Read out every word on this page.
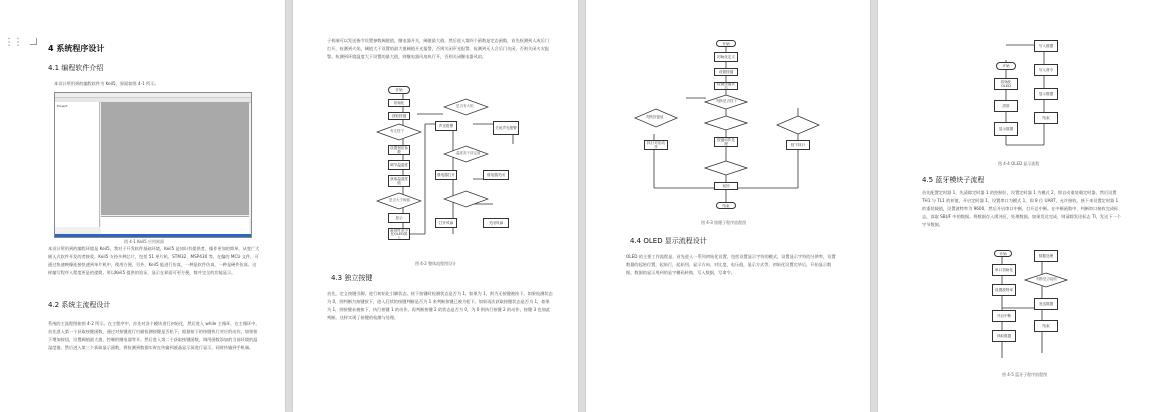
⋮⋮
4 系统程序设计
4.1 编程软件介绍
本设计所用到的编程软件为 Keil5，界面如图 4-1 所示。
Project
图 4-1 Keil5 应用界面
本设计所用到的编程环境是 Keil5，我对于开发软件基础环境，Keil5 是知识有提供者，操作更加的简单，从变广大嵌入式软件开发的者接爱。Keil5 支持多种芯片，包括 51 单片机、STM32、MSP430 等，在编的 MCU 文件，可通过快速映像连接快速到单片机中，使用方便。另外，Keil5 能进行仿真，一种是软件仿真，一种是硬件仿真。这样编写程序入程度更是的提简，所以Keil5 提供的验证，显示在界面可更方便，简并完全的功能显示。
4.2 系统主流程设计
系统的主流程图如图 4-2 所示。在主程序中，首先对各个模块进行初始化，然后进入 while 主循环，在主循环中，首先进入第一个获取按键函数，通过对按键进行扫描检测按键是否松下，根据按下的按键执行对应的动作，如果按下增加按钮，设置阈值最大值，控制的继电器等开。然后进入第二个获取按键函数，调用函数添加的当前环境的温湿度值。然后进入第三个获取显示函数，将检测到数据实时在传输到液晶显示屏进行显示，同时传输到手机端。
子机端可以发送指令设置参数阈值值，继电器开关，阈值最大值。然后进入第四个函数是定态函数，首先检测到人成后门打开，检测到火焰，阈值大于设置的最大值阈值开光报警，否则关闭声光报警。检测到无人合后门关闭，否则关闭火灾报警。检测到环境温度大于设置的最大值，则继电器风扇执行开，否则关闭继电器风扇。
开始
初始化
获取按键
有无按下
设置相应参数
调节温湿度
获取温湿度值
是否大于阈值
显示
温湿度显示在OLED屏上
声光报警
是否有火焰
关闭声光报警
温度高于设定值
继电器打开	继电器关闭
打开风扇	关闭风扇
图 4-2 整体流程图设计
4.3 独立按键
首先，定义按键引脚，进行初始化引脚状态。按下按键时检测状态是否为 1，如果为 1，则为无按键被按下。如果检测状态为 0，则判断为按键按下，进入后续的按键判断是否为 1 来判断按键已被为松下。如果再次获取按键状态是否为 1，如果为 1，则按键未被按下，执行按键 1 的动作。再判断按键 2 的状态是否为 0，为 0 则执行按键 2 的动作，按键 3 也如此判断。这样实现了按键的检测与处理。
开始
初始化定义
设置按键
检测按键状态
判断是否按下
判断按键值
执行对应动作
按键动作处理	按下执行
返回
结束
图 4-3 按键子程序流程图
4.4 OLED 显示流程设计
OLED 的主要工作流程是，首先进入一系列初始化设置，包括设置显示字符的模式，设置显示字符的分辨率，设置数据的起始位置，起始行，起始列，显示方向，对比度，电压值，显示方式等，初始化设置完毕后，开始显示数据，数据的显示用到的是字模码转换，写入数据，写命令。
开始
初始化OLED
清屏
显示数据
写入数据
写入命令
显示数据
结束
图 4-4 OLED 显示流程
4.5 蓝牙模块子流程
首先配置定时器 1，先清除定时器 1 的控制位，设置定时器 1 为模式 2，即自动重装载定时器，然后设置 TH1 与 TL1 的初值，开启定时器 1，设置串口为模式 1，即 8 位 UART，允许接收，接下来设置定时器 1 的重装载值，设置波特率为 9600，然后开启串口中断，打开总中断。在中断函数中，判断串口接收完成标志，读取 SBUF 中的数据。将数据存入缓冲区，处理数据。如果发送完成，则清除发送标志 TI，发送下一个字节数据。
开始
串口初始化
设置波特率
开启中断
读取数据
数据处理
判断是否接收
发送数据
结束
图 4-5 蓝牙子程序流程图
